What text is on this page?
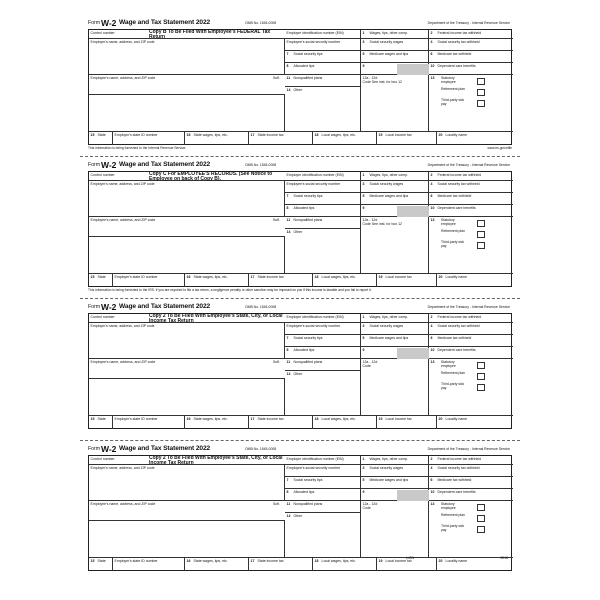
Form W-2 Wage and Tax Statement 2022	OMB No. 1545-0008	Department of the Treasury - Internal Revenue Service
Control number	Copy B To Be Filed With Employee's FEDERAL Tax Return
Employer's name, address, and ZIP code
Employee's name, address, and ZIP code	Suff.
Employer identification number (EIN)	1 Wages, tips, other comp.	2 Federal income tax withheld
Employee's social security number	3 Social security wages	4 Social security tax withheld
7 Social security tips	5 Medicare wages and tips	6 Medicare tax withheld
8 Allocated tips	9	10 Dependent care benefits
11 Nonqualified plans
14 Other
12a - 12d
Code See inst. for box 12
13	Statutory employee
Retirement plan
Third-party sick pay
15 State	Employer's state ID number	16 State wages, tips, etc.	17 State income tax	18 Local wages, tips, etc.	19 Local income tax	20 Locality name
This information is being furnished to the Internal Revenue Service.	www.irs.gov/efile
Form W-2 Wage and Tax Statement 2022	OMB No. 1545-0008	Department of the Treasury - Internal Revenue Service
Control number	Copy C For EMPLOYEE'S RECORDS. (See Notice to Employee on back of Copy B).
Employer's name, address, and ZIP code
Employee's name, address, and ZIP code	Suff.
Employer identification number (EIN)	1 Wages, tips, other comp.	2 Federal income tax withheld
Employee's social security number	3 Social security wages	4 Social security tax withheld
7 Social security tips	5 Medicare wages and tips	6 Medicare tax withheld
8 Allocated tips	9	10 Dependent care benefits
11 Nonqualified plans
14 Other
12a - 12d
Code See inst. for box 12
13	Statutory employee
Retirement plan
Third-party sick pay
15 State	Employer's state ID number	16 State wages, tips, etc.	17 State income tax	18 Local wages, tips, etc.	19 Local income tax	20 Locality name
This information is being furnished to the IRS. If you are required to file a tax return, a negligence penalty or other sanction may be imposed on you if this income is taxable and you fail to report it.
Form W-2 Wage and Tax Statement 2022	OMB No. 1545-0008	Department of the Treasury - Internal Revenue Service
Control number	Copy 2 To Be Filed With Employee's State, City, or Local Income Tax Return
Employer's name, address, and ZIP code
Employee's name, address, and ZIP code	Suff.
Employer identification number (EIN)	1 Wages, tips, other comp.	2 Federal income tax withheld
Employee's social security number	3 Social security wages	4 Social security tax withheld
7 Social security tips	5 Medicare wages and tips	6 Medicare tax withheld
8 Allocated tips	9	10 Dependent care benefits
11 Nonqualified plans
14 Other
12a - 12d
Code
13	Statutory employee
Retirement plan
Third-party sick pay
15 State	Employer's state ID number	16 State wages, tips, etc.	17 State income tax	18 Local wages, tips, etc.	19 Local income tax	20 Locality name
Form W-2 Wage and Tax Statement 2022	OMB No. 1545-0008	Department of the Treasury - Internal Revenue Service
Control number	Copy 2 To Be Filed With Employee's State, City, or Local Income Tax Return
Employer's name, address, and ZIP code
Employee's name, address, and ZIP code	Suff.
Employer identification number (EIN)	1 Wages, tips, other comp.	2 Federal income tax withheld
Employee's social security number	3 Social security wages	4 Social security tax withheld
7 Social security tips	5 Medicare wages and tips	6 Medicare tax withheld
8 Allocated tips	9	10 Dependent care benefits
11 Nonqualified plans
14 Other
12a - 12d
Code
13	Statutory employee
Retirement plan
Third-party sick pay
15 State	Employer's state ID number	16 State wages, tips, etc.	17 State income tax	18 Local wages, tips, etc.	19 Local income tax	20 Locality name
L40N	5216
